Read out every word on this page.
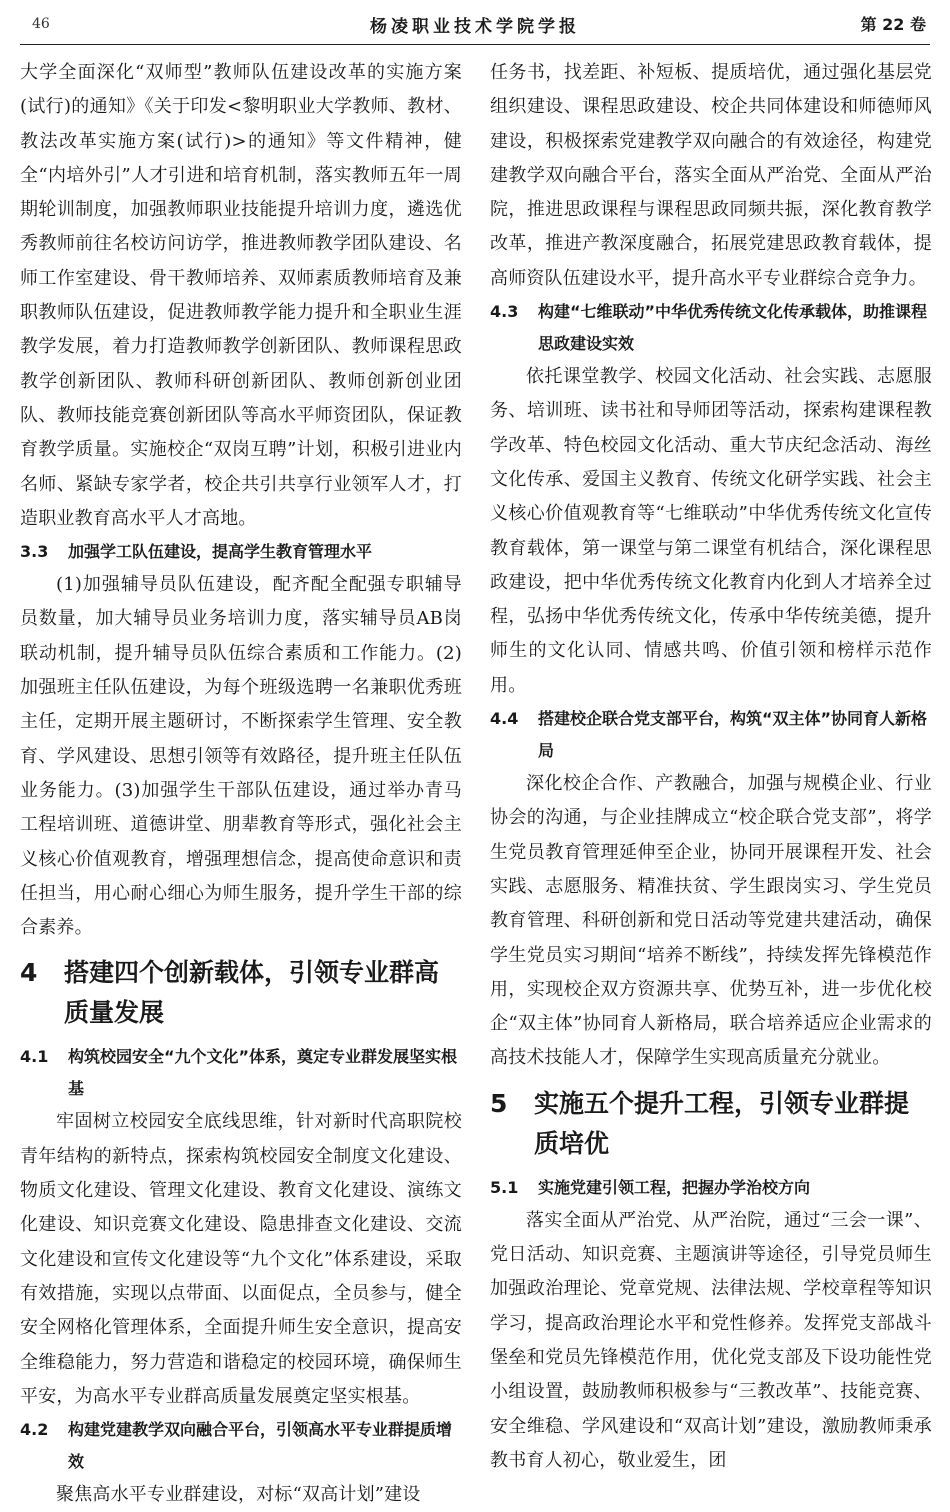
46	杨凌职业技术学院学报	第 22 卷

大学全面深化“双师型”教师队伍建设改革的实施方案(试行)的通知》《关于印发<黎明职业大学教师、教材、教法改革实施方案(试行)>的通知》等文件精神，健全“内培外引”人才引进和培育机制，落实教师五年一周期轮训制度，加强教师职业技能提升培训力度，遴选优秀教师前往名校访问访学，推进教师教学团队建设、名师工作室建设、骨干教师培养、双师素质教师培育及兼职教师队伍建设，促进教师教学能力提升和全职业生涯教学发展，着力打造教师教学创新团队、教师课程思政教学创新团队、教师科研创新团队、教师创新创业团队、教师技能竞赛创新团队等高水平师资团队，保证教育教学质量。实施校企“双岗互聘”计划，积极引进业内名师、紧缺专家学者，校企共引共享行业领军人才，打造职业教育高水平人才高地。

3.3	加强学工队伍建设，提高学生教育管理水平

(1)加强辅导员队伍建设，配齐配全配强专职辅导员数量，加大辅导员业务培训力度，落实辅导员AB岗联动机制，提升辅导员队伍综合素质和工作能力。(2)加强班主任队伍建设，为每个班级选聘一名兼职优秀班主任，定期开展主题研讨，不断探索学生管理、安全教育、学风建设、思想引领等有效路径，提升班主任队伍业务能力。(3)加强学生干部队伍建设，通过举办青马工程培训班、道德讲堂、朋辈教育等形式，强化社会主义核心价值观教育，增强理想信念，提高使命意识和责任担当，用心耐心细心为师生服务，提升学生干部的综合素养。

4	搭建四个创新载体，引领专业群高质量发展
4.1	构筑校园安全“九个文化”体系，奠定专业群发展坚实根基

牢固树立校园安全底线思维，针对新时代高职院校青年结构的新特点，探索构筑校园安全制度文化建设、物质文化建设、管理文化建设、教育文化建设、演练文化建设、知识竞赛文化建设、隐患排查文化建设、交流文化建设和宣传文化建设等“九个文化”体系建设，采取有效措施，实现以点带面、以面促点，全员参与，健全安全网格化管理体系，全面提升师生安全意识，提高安全维稳能力，努力营造和谐稳定的校园环境，确保师生平安，为高水平专业群高质量发展奠定坚实根基。

4.2	构建党建教学双向融合平台，引领高水平专业群提质增效

聚焦高水平专业群建设，对标“双高计划”建设

任务书，找差距、补短板、提质培优，通过强化基层党组织建设、课程思政建设、校企共同体建设和师德师风建设，积极探索党建教学双向融合的有效途径，构建党建教学双向融合平台，落实全面从严治党、全面从严治院，推进思政课程与课程思政同频共振，深化教育教学改革，推进产教深度融合，拓展党建思政教育载体，提高师资队伍建设水平，提升高水平专业群综合竞争力。

4.3	构建“七维联动”中华优秀传统文化传承载体，助推课程思政建设实效

依托课堂教学、校园文化活动、社会实践、志愿服务、培训班、读书社和导师团等活动，探索构建课程教学改革、特色校园文化活动、重大节庆纪念活动、海丝文化传承、爱国主义教育、传统文化研学实践、社会主义核心价值观教育等“七维联动”中华优秀传统文化宣传教育载体，第一课堂与第二课堂有机结合，深化课程思政建设，把中华优秀传统文化教育内化到人才培养全过程，弘扬中华优秀传统文化，传承中华传统美德，提升师生的文化认同、情感共鸣、价值引领和榜样示范作用。

4.4	搭建校企联合党支部平台，构筑“双主体”协同育人新格局

深化校企合作、产教融合，加强与规模企业、行业协会的沟通，与企业挂牌成立“校企联合党支部”，将学生党员教育管理延伸至企业，协同开展课程开发、社会实践、志愿服务、精准扶贫、学生跟岗实习、学生党员教育管理、科研创新和党日活动等党建共建活动，确保学生党员实习期间“培养不断线”，持续发挥先锋模范作用，实现校企双方资源共享、优势互补，进一步优化校企“双主体”协同育人新格局，联合培养适应企业需求的高技术技能人才，保障学生实现高质量充分就业。

5	实施五个提升工程，引领专业群提质培优
5.1	实施党建引领工程，把握办学治校方向

落实全面从严治党、从严治院，通过“三会一课”、党日活动、知识竞赛、主题演讲等途径，引导党员师生加强政治理论、党章党规、法律法规、学校章程等知识学习，提高政治理论水平和党性修养。发挥党支部战斗堡垒和党员先锋模范作用，优化党支部及下设功能性党小组设置，鼓励教师积极参与“三教改革”、技能竞赛、安全维稳、学风建设和“双高计划”建设，激励教师秉承教书育人初心，敬业爱生，团
